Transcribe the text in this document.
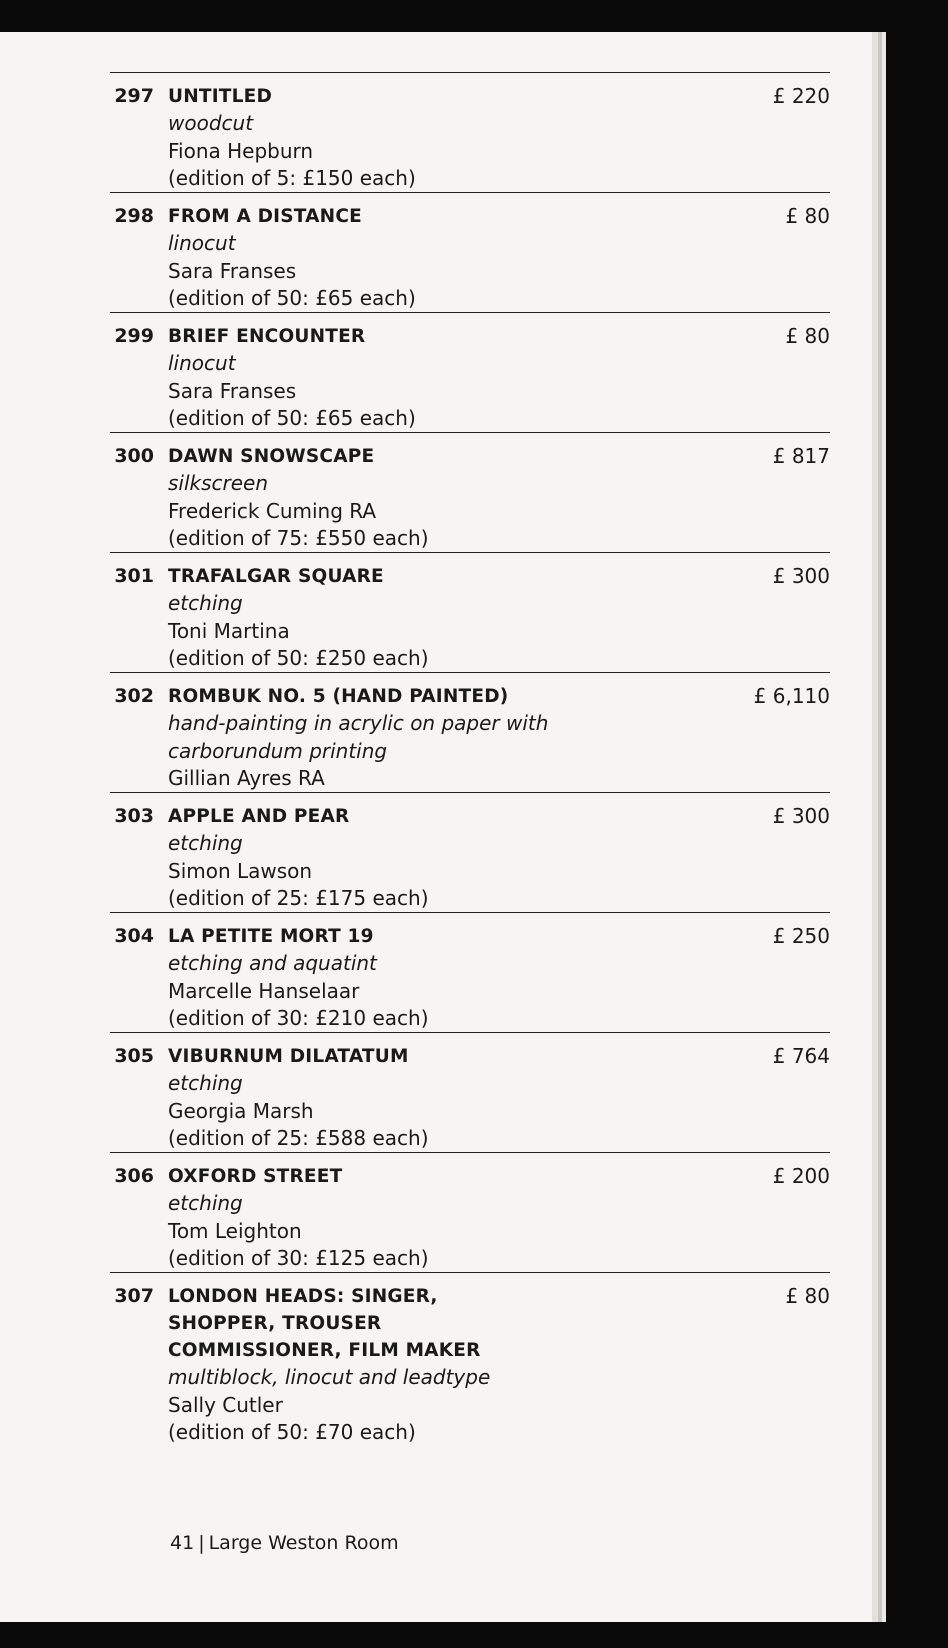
297 UNTITLED
woodcut
Fiona Hepburn
(edition of 5: £150 each)
£ 220
298 FROM A DISTANCE
linocut
Sara Franses
(edition of 50: £65 each)
£ 80
299 BRIEF ENCOUNTER
linocut
Sara Franses
(edition of 50: £65 each)
£ 80
300 DAWN SNOWSCAPE
silkscreen
Frederick Cuming RA
(edition of 75: £550 each)
£ 817
301 TRAFALGAR SQUARE
etching
Toni Martina
(edition of 50: £250 each)
£ 300
302 ROMBUK NO. 5 (HAND PAINTED)
hand-painting in acrylic on paper with carborundum printing
Gillian Ayres RA
£ 6,110
303 APPLE AND PEAR
etching
Simon Lawson
(edition of 25: £175 each)
£ 300
304 LA PETITE MORT 19
etching and aquatint
Marcelle Hanselaar
(edition of 30: £210 each)
£ 250
305 VIBURNUM DILATATUM
etching
Georgia Marsh
(edition of 25: £588 each)
£ 764
306 OXFORD STREET
etching
Tom Leighton
(edition of 30: £125 each)
£ 200
307 LONDON HEADS: SINGER, SHOPPER, TROUSER COMMISSIONER, FILM MAKER
multiblock, linocut and leadtype
Sally Cutler
(edition of 50: £70 each)
£ 80
41 | Large Weston Room
